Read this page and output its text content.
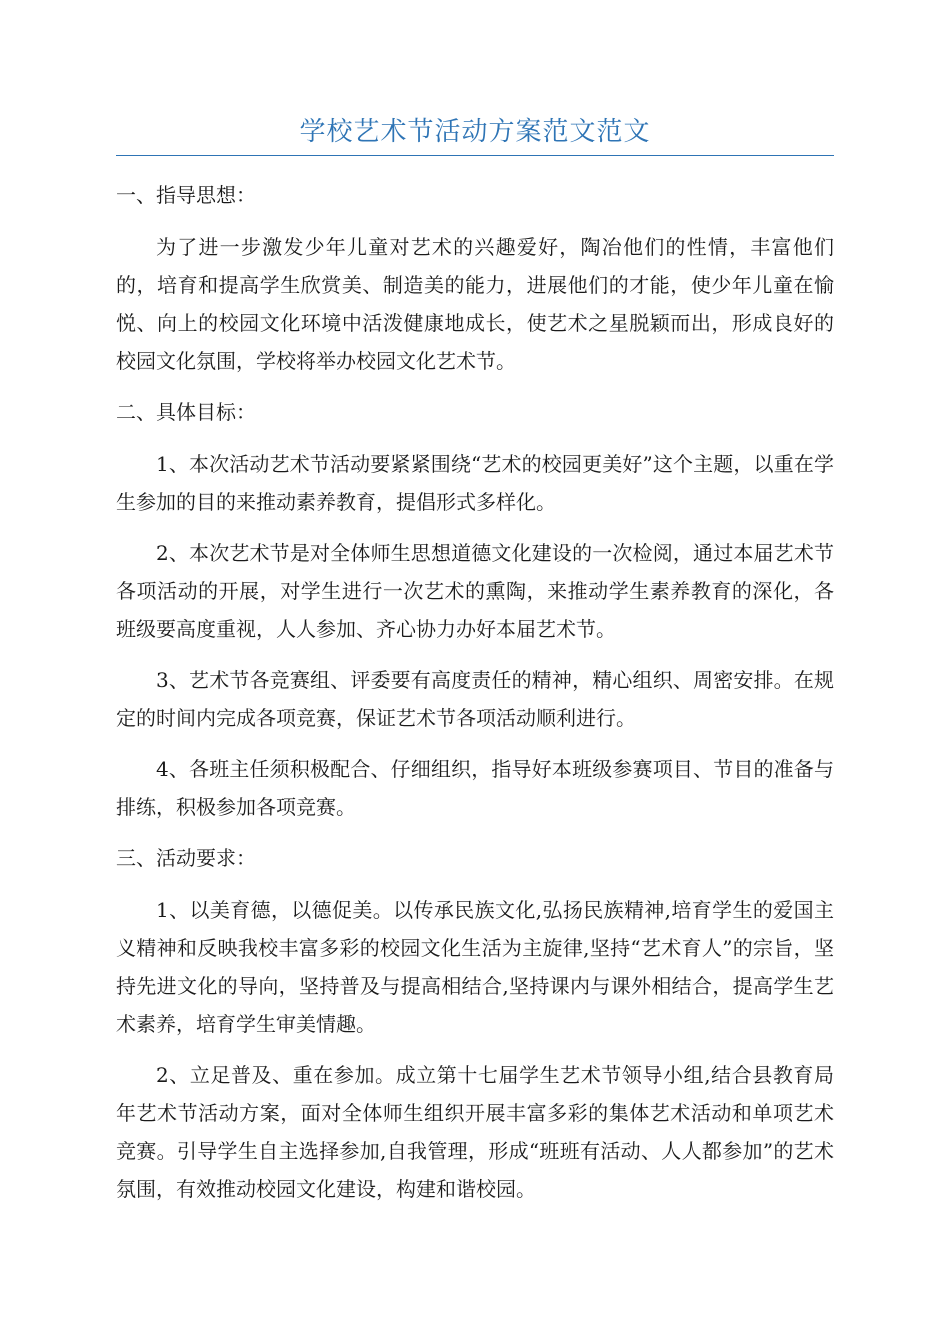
学校艺术节活动方案范文范文
一、指导思想：

为了进一步激发少年儿童对艺术的兴趣爱好，陶冶他们的性情，丰富他们的，培育和提高学生欣赏美、制造美的能力，进展他们的才能，使少年儿童在愉悦、向上的校园文化环境中活泼健康地成长，使艺术之星脱颖而出，形成良好的校园文化氛围，学校将举办校园文化艺术节。

二、具体目标：

1、本次活动艺术节活动要紧紧围绕“艺术的校园更美好”这个主题，以重在学生参加的目的来推动素养教育，提倡形式多样化。

2、本次艺术节是对全体师生思想道德文化建设的一次检阅，通过本届艺术节各项活动的开展，对学生进行一次艺术的熏陶，来推动学生素养教育的深化，各班级要高度重视，人人参加、齐心协力办好本届艺术节。

3、艺术节各竞赛组、评委要有高度责任的精神，精心组织、周密安排。在规定的时间内完成各项竞赛，保证艺术节各项活动顺利进行。

4、各班主任须积极配合、仔细组织，指导好本班级参赛项目、节目的准备与排练，积极参加各项竞赛。

三、活动要求：

1、以美育德，以德促美。以传承民族文化,弘扬民族精神,培育学生的爱国主义精神和反映我校丰富多彩的校园文化生活为主旋律,坚持“艺术育人”的宗旨，坚持先进文化的导向，坚持普及与提高相结合,坚持课内与课外相结合，提高学生艺术素养，培育学生审美情趣。

2、立足普及、重在参加。成立第十七届学生艺术节领导小组,结合县教育局年艺术节活动方案，面对全体师生组织开展丰富多彩的集体艺术活动和单项艺术竞赛。引导学生自主选择参加,自我管理，形成“班班有活动、人人都参加”的艺术氛围，有效推动校园文化建设，构建和谐校园。
